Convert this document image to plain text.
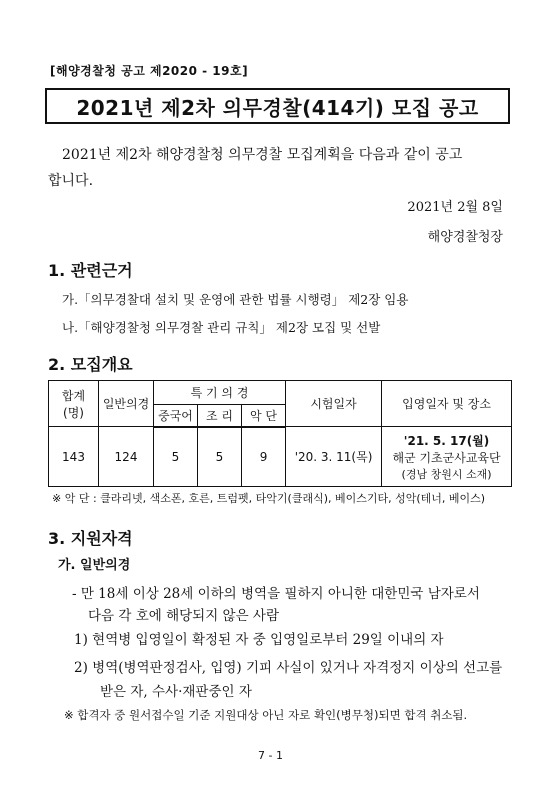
[해양경찰청 공고 제2020 - 19호]
2021년 제2차 의무경찰(414기) 모집 공고
2021년 제2차 해양경찰청 의무경찰 모집계획을 다음과 같이 공고
합니다.
2021년 2월 8일
해양경찰청장
1. 관련근거
가.「의무경찰대 설치 및 운영에 관한 법률 시행령」 제2장 임용
나.「해양경찰청 의무경찰 관리 규칙」 제2장 모집 및 선발
2. 모집개요
합계
(명)	일반의경	특 기 의 경			시험일자	입영일자 및 장소
		중국어	조 리	악 단		
143	124	5	5	9	'20. 3. 11(목)	'21. 5. 17(월)
해군 기초군사교육단
(경남 창원시 소재)
※ 악 단 : 클라리넷, 색소폰, 호른, 트럼펫, 타악기(클래식), 베이스기타, 성악(테너, 베이스)
3. 지원자격
가. 일반의경
- 만 18세 이상 28세 이하의 병역을 필하지 아니한 대한민국 남자로서
다음 각 호에 해당되지 않은 사람
1) 현역병 입영일이 확정된 자 중 입영일로부터 29일 이내의 자
2) 병역(병역판정검사, 입영) 기피 사실이 있거나 자격정지 이상의 선고를
받은 자, 수사·재판중인 자
※ 합격자 중 원서접수일 기준 지원대상 아닌 자로 확인(병무청)되면 합격 취소됨.
7 - 1
